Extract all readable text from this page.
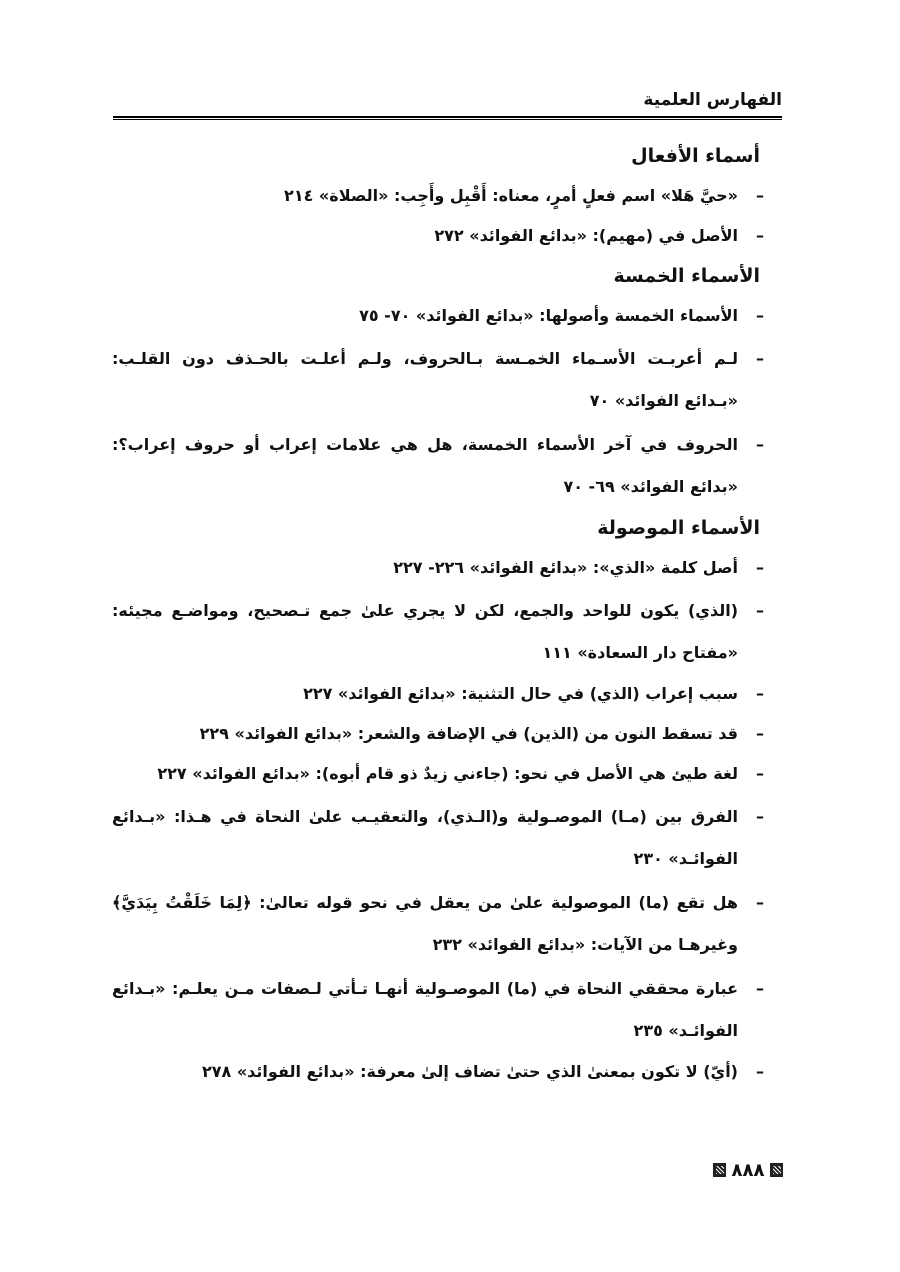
الفهارس العلمية
أسماء الأفعال
–
«حيَّ هَلا» اسم فعلٍ أمرٍ، معناه: أَقْبِل وأَجِب: «الصلاة» ٢١٤
–
الأصل في (مهيم): «بدائع الفوائد» ٢٧٢
الأسماء الخمسة
–
الأسماء الخمسة وأصولها: «بدائع الفوائد» ٧٠- ٧٥
–
لـم أعربـت الأسـماء الخمـسة بـالحروف، ولـم أعلـت بالحـذف دون القلـب: «بـدائع الفوائد» ٧٠
–
الحروف في آخر الأسماء الخمسة، هل هي علامات إعراب أو حروف إعراب؟: «بدائع الفوائد» ٦٩- ٧٠
الأسماء الموصولة
–
أصل كلمة «الذي»: «بدائع الفوائد» ٢٢٦- ٢٢٧
–
(الذي) يكون للواحد والجمع، لكن لا يجري علىٰ جمع تـصحيح، ومواضـع مجيئه: «مفتاح دار السعادة» ١١١
–
سبب إعراب (الذي) في حال التثنية: «بدائع الفوائد» ٢٢٧
–
قد تسقط النون من (الذين) في الإضافة والشعر: «بدائع الفوائد» ٢٢٩
–
لغة طيئ هي الأصل في نحو: (جاءني زيدٌ ذو قام أبوه): «بدائع الفوائد» ٢٢٧
–
الفرق بين (مـا) الموصـولية و(الـذي)، والتعقيـب علىٰ النحاة في هـذا: «بـدائع الفوائـد» ٢٣٠
–
هل تقع (ما) الموصولية علىٰ من يعقل في نحو قوله تعالىٰ: ﴿لِمَا خَلَقْتُ بِيَدَيَّ﴾ وغيرهـا من الآيات: «بدائع الفوائد» ٢٣٢
–
عبارة محققي النحاة في (ما) الموصـولية أنهـا تـأتي لـصفات مـن يعلـم: «بـدائع الفوائـد» ٢٣٥
–
(أيّ) لا تكون بمعنىٰ الذي حتىٰ تضاف إلىٰ معرفة: «بدائع الفوائد» ٢٧٨
٨٨٨
